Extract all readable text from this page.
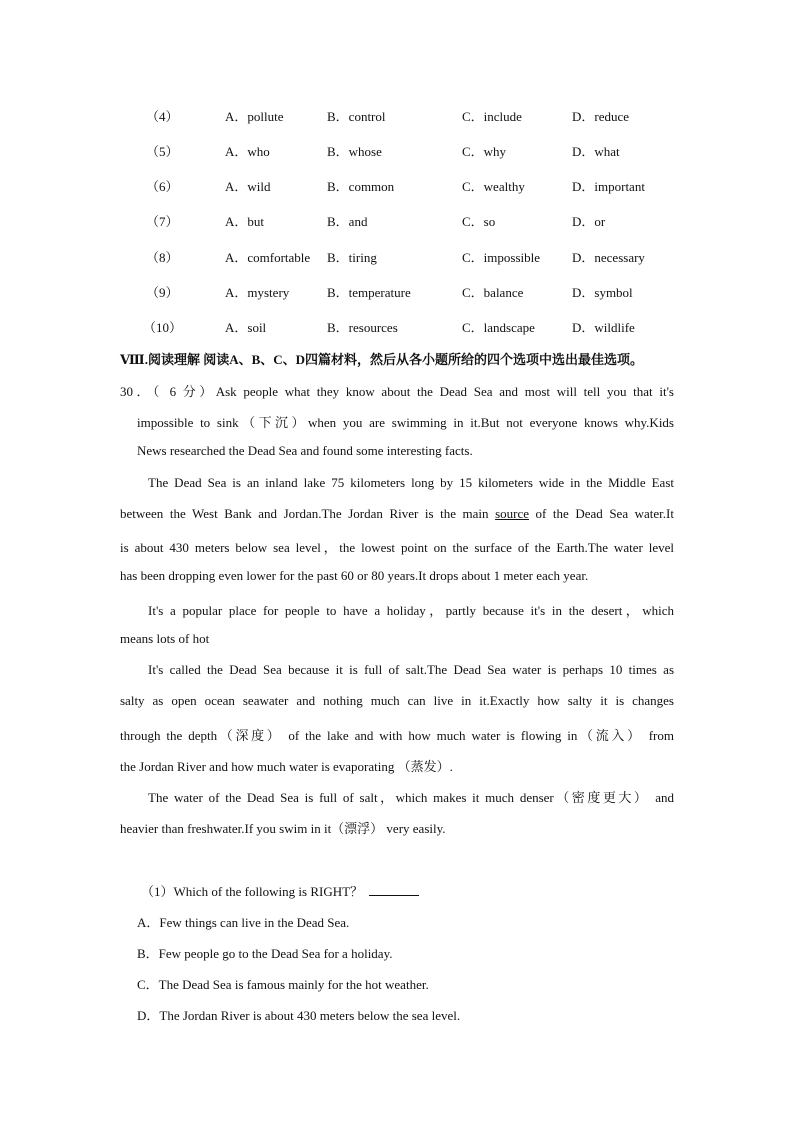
（4）	A．pollute	B．control	C．include	D．reduce
（5）	A．who	B．whose	C．why	D．what
（6）	A．wild	B．common	C．wealthy	D．important
（7）	A．but	B．and	C．so	D．or
（8）	A．comfortable B．tiring	C．impossible D．necessary
（9）	A．mystery	B．temperature	C．balance	D．symbol
（10）	A．soil	B．resources	C．landscape	D．wildlife
Ⅷ.阅读理解 阅读A、B、C、D四篇材料，然后从各小题所给的四个选项中选出最佳选项。
30．（ 6 分）Ask people what they know about the Dead Sea and most will tell you that it's
impossible to sink（下沉）when you are swimming in it.But not everyone knows why.Kids
News researched the Dead Sea and found some interesting facts.
The Dead Sea is an inland lake 75 kilometers long by 15 kilometers wide in the Middle East
between the West Bank and Jordan.The Jordan River is the main source of the Dead Sea water.It
is about 430 meters below sea level，the lowest point on the surface of the Earth.The water level
has been dropping even lower for the past 60 or 80 years.It drops about 1 meter each year.
It's a popular place for people to have a holiday，partly because it's in the desert，which
means lots of hot
It's called the Dead Sea because it is full of salt.The Dead Sea water is perhaps 10 times as
salty as open ocean seawater and nothing much can live in it.Exactly how salty it is changes
through the depth（深度） of the lake and with how much water is flowing in（流入） from
the Jordan River and how much water is evaporating （蒸发）.
The water of the Dead Sea is full of salt，which makes it much denser（密度更大） and
heavier than freshwater.If you swim in it（漂浮） very easily.
（1）Which of the following is RIGHT？
A．Few things can live in the Dead Sea.
B．Few people go to the Dead Sea for a holiday.
C．The Dead Sea is famous mainly for the hot weather.
D．The Jordan River is about 430 meters below the sea level.
